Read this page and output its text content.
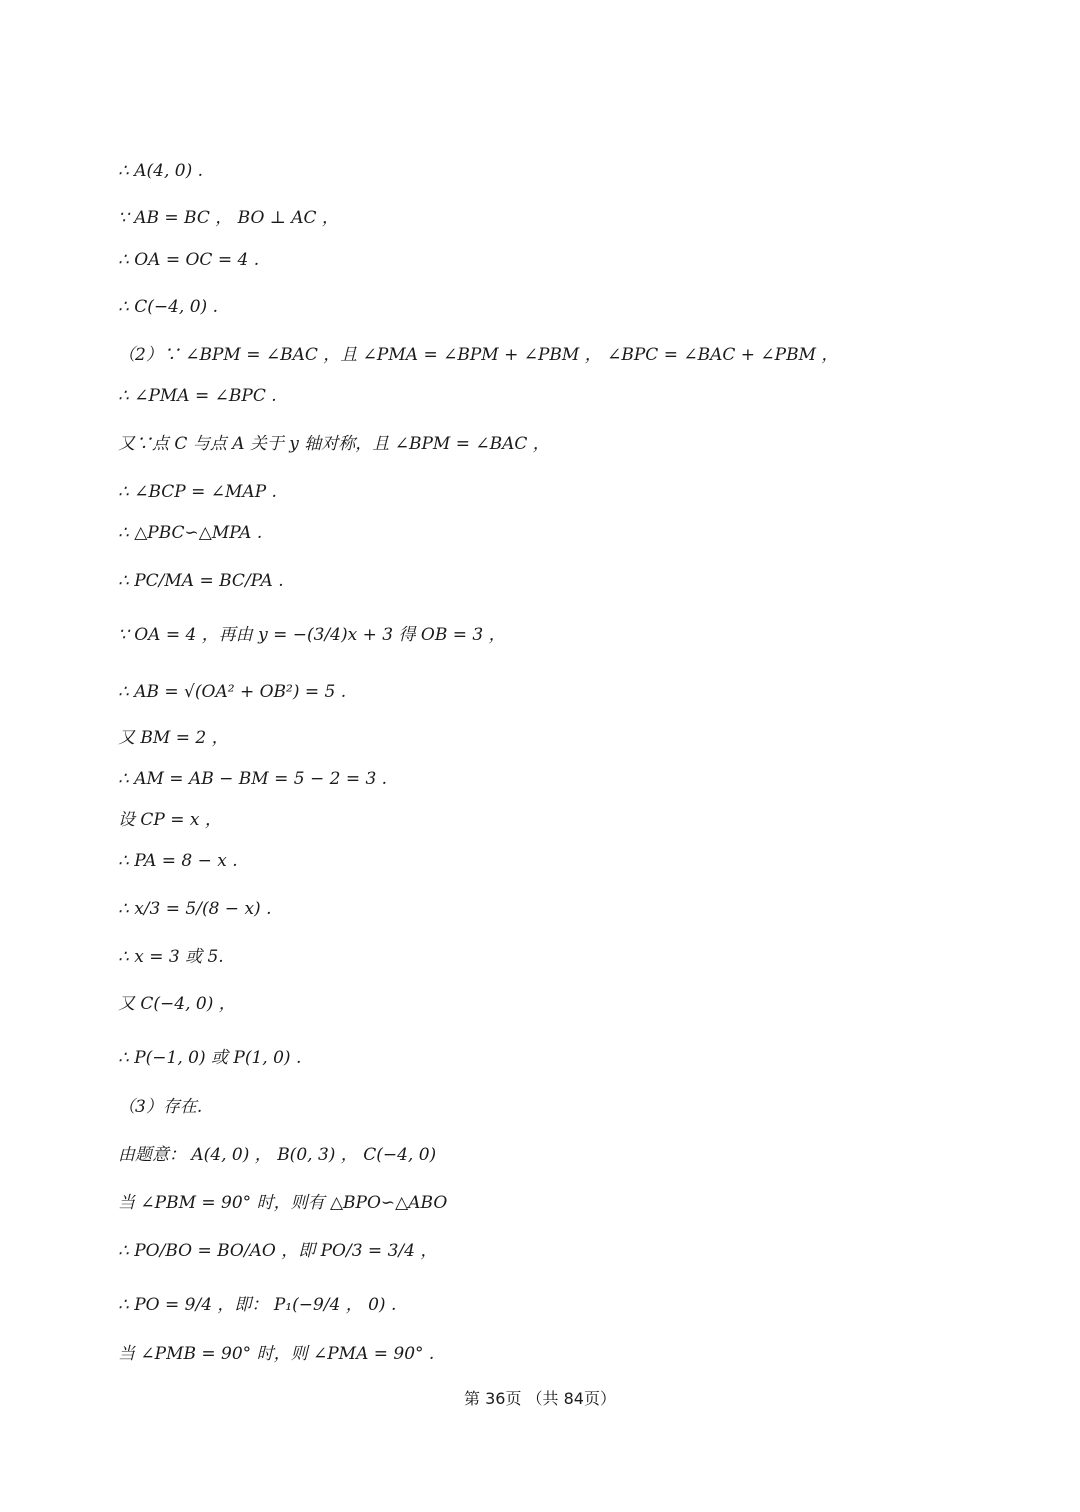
∴ A(4, 0) .
∵ AB = BC ， BO ⊥ AC ，
∴ OA = OC = 4 .
∴ C(−4, 0) .
（2）∵ ∠BPM = ∠BAC ，且 ∠PMA = ∠BPM + ∠PBM ， ∠BPC = ∠BAC + ∠PBM ，
∴ ∠PMA = ∠BPC .
又∵点 C 与点 A 关于 y 轴对称，且 ∠BPM = ∠BAC ，
∴ ∠BCP = ∠MAP .
∴ △PBC∽△MPA .
∴ PC/MA = BC/PA .
∵ OA = 4 ，再由 y = −(3/4)x + 3 得 OB = 3 ，
∴ AB = √(OA² + OB²) = 5 .
又 BM = 2 ，
∴ AM = AB − BM = 5 − 2 = 3 .
设 CP = x ，
∴ PA = 8 − x .
∴ x/3 = 5/(8 − x) .
∴ x = 3 或 5.
又 C(−4, 0) ，
∴ P(−1, 0) 或 P(1, 0) .
（3）存在.
由题意： A(4, 0) ， B(0, 3) ， C(−4, 0)
当 ∠PBM = 90° 时，则有 △BPO∽△ABO
∴ PO/BO = BO/AO ，即 PO/3 = 3/4 ，
∴ PO = 9/4 ，即： P₁(−9/4 ， 0) .
当 ∠PMB = 90° 时，则 ∠PMA = 90° .
第 36页 （共 84页）
